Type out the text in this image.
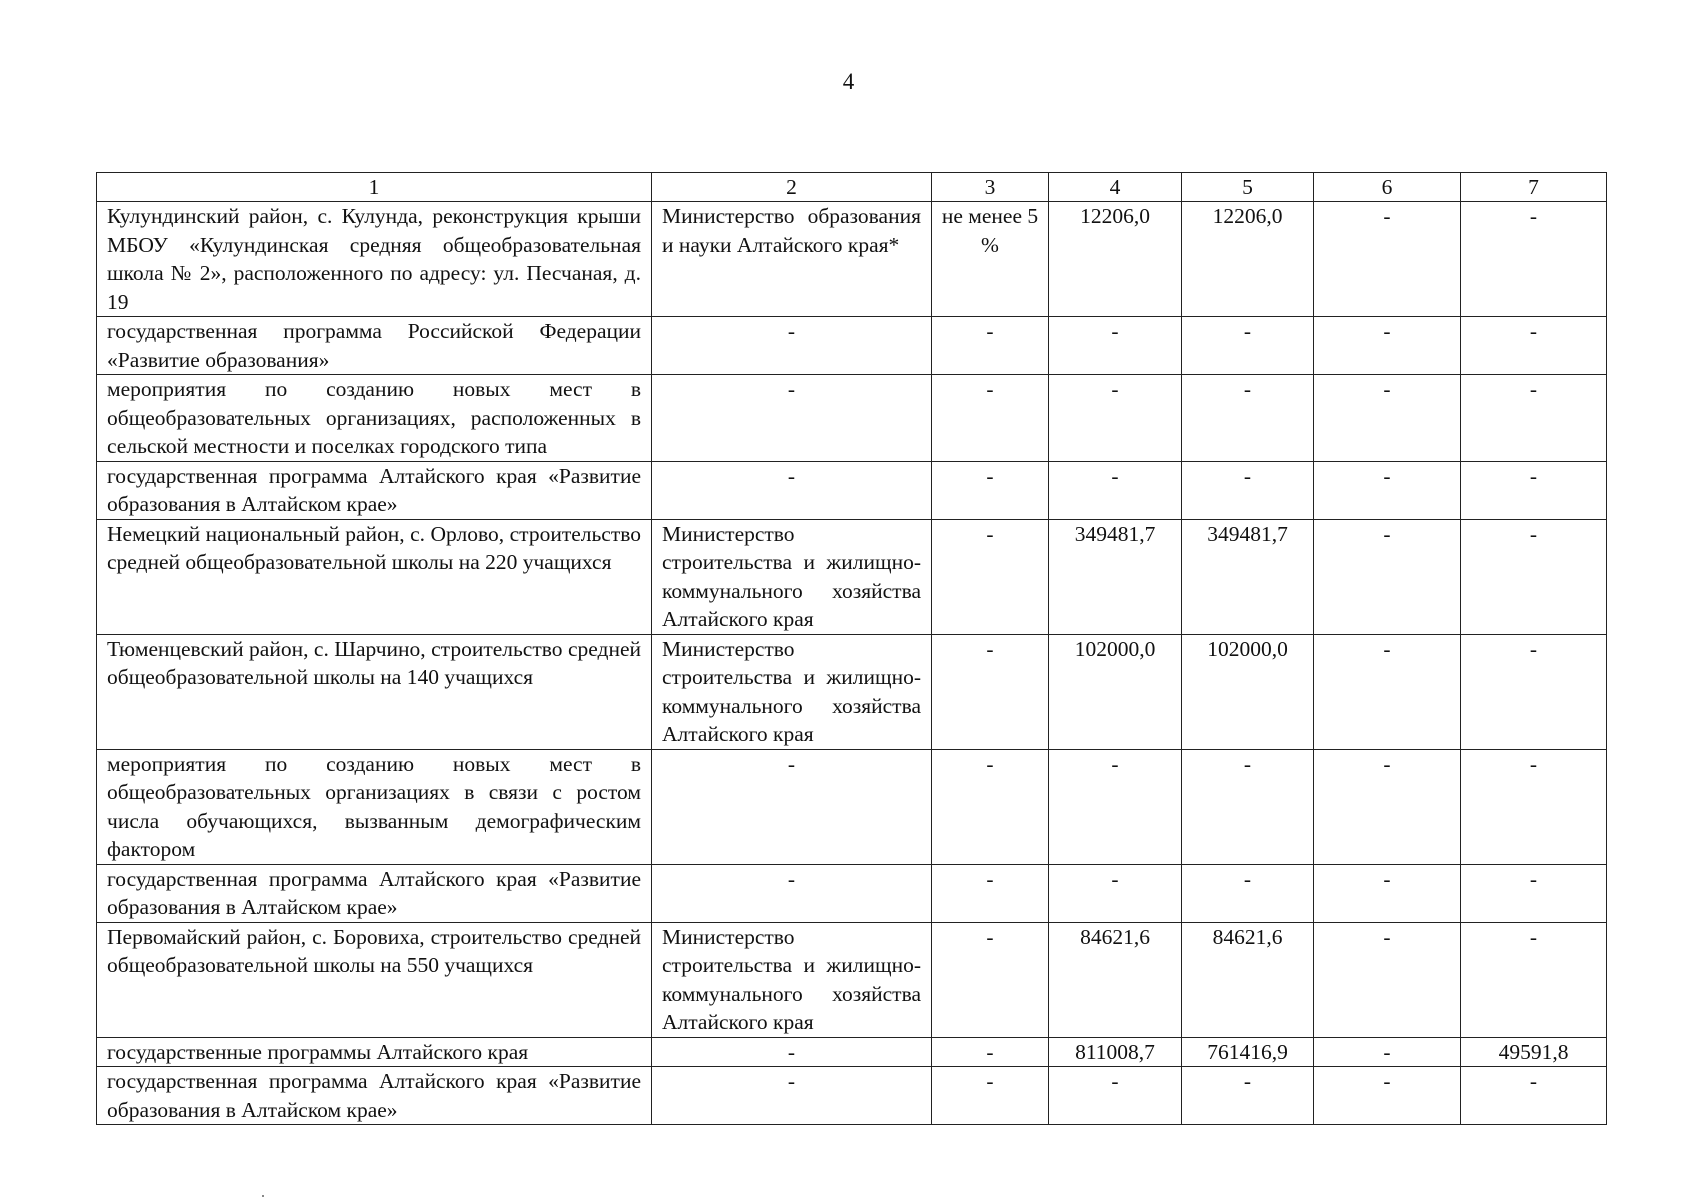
4
1	2	3	4	5	6	7
Кулундинский район, с. Кулунда, реконструкция крыши МБОУ «Кулундинская средняя общеобразовательная школа № 2», расположенного по адресу: ул. Песчаная, д. 19	Министерство образования и науки Алтайского края*	не менее 5 %	12206,0	12206,0	-	-
государственная программа Российской Федерации «Развитие образования»	-	-	-	-	-	-
мероприятия по созданию новых мест в общеобразовательных организациях, расположенных в сельской местности и поселках городского типа	-	-	-	-	-	-
государственная программа Алтайского края «Развитие образования в Алтайском крае»	-	-	-	-	-	-
Немецкий национальный район, с. Орлово, строительство средней общеобразовательной школы на 220 учащихся	Министерство строительства и жилищно-коммунального хозяйства Алтайского края	-	349481,7	349481,7	-	-
Тюменцевский район, с. Шарчино, строительство средней общеобразовательной школы на 140 учащихся	Министерство строительства и жилищно-коммунального хозяйства Алтайского края	-	102000,0	102000,0	-	-
мероприятия по созданию новых мест в общеобразовательных организациях в связи с ростом числа обучающихся, вызванным демографическим фактором	-	-	-	-	-	-
государственная программа Алтайского края «Развитие образования в Алтайском крае»	-	-	-	-	-	-
Первомайский район, с. Боровиха, строительство средней общеобразовательной школы на 550 учащихся	Министерство строительства и жилищно-коммунального хозяйства Алтайского края	-	84621,6	84621,6	-	-
государственные программы Алтайского края	-	-	811008,7	761416,9	-	49591,8
государственная программа Алтайского края «Развитие образования в Алтайском крае»	-	-	-	-	-	-
